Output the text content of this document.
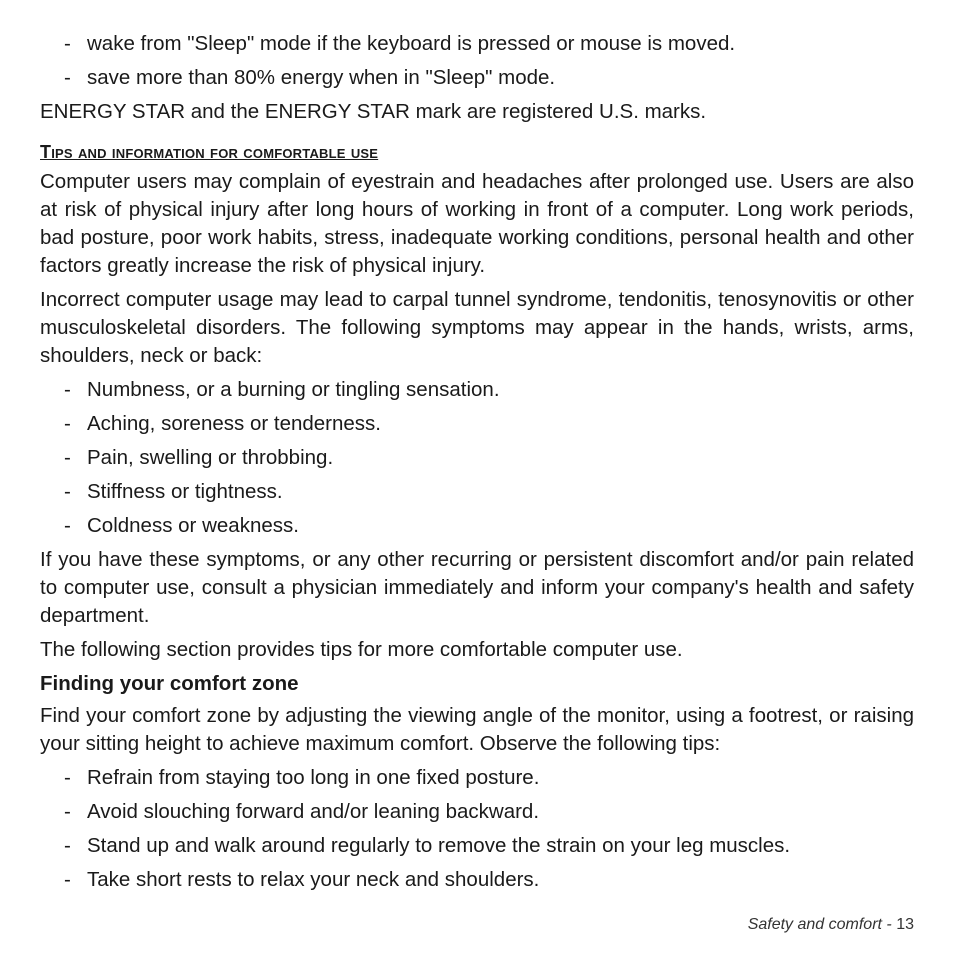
- wake from "Sleep" mode if the keyboard is pressed or mouse is moved.
- save more than 80% energy when in "Sleep" mode.

ENERGY STAR and the ENERGY STAR mark are registered U.S. marks.

Tips and information for comfortable use

Computer users may complain of eyestrain and headaches after prolonged use. Users are also at risk of physical injury after long hours of working in front of a computer. Long work periods, bad posture, poor work habits, stress, inadequate working conditions, personal health and other factors greatly increase the risk of physical injury.

Incorrect computer usage may lead to carpal tunnel syndrome, tendonitis, tenosynovitis or other musculoskeletal disorders. The following symptoms may appear in the hands, wrists, arms, shoulders, neck or back:

- Numbness, or a burning or tingling sensation.
- Aching, soreness or tenderness.
- Pain, swelling or throbbing.
- Stiffness or tightness.
- Coldness or weakness.

If you have these symptoms, or any other recurring or persistent discomfort and/or pain related to computer use, consult a physician immediately and inform your company's health and safety department.

The following section provides tips for more comfortable computer use.

Finding your comfort zone

Find your comfort zone by adjusting the viewing angle of the monitor, using a footrest, or raising your sitting height to achieve maximum comfort. Observe the following tips:

- Refrain from staying too long in one fixed posture.
- Avoid slouching forward and/or leaning backward.
- Stand up and walk around regularly to remove the strain on your leg muscles.
- Take short rests to relax your neck and shoulders.
Safety and comfort - 13
